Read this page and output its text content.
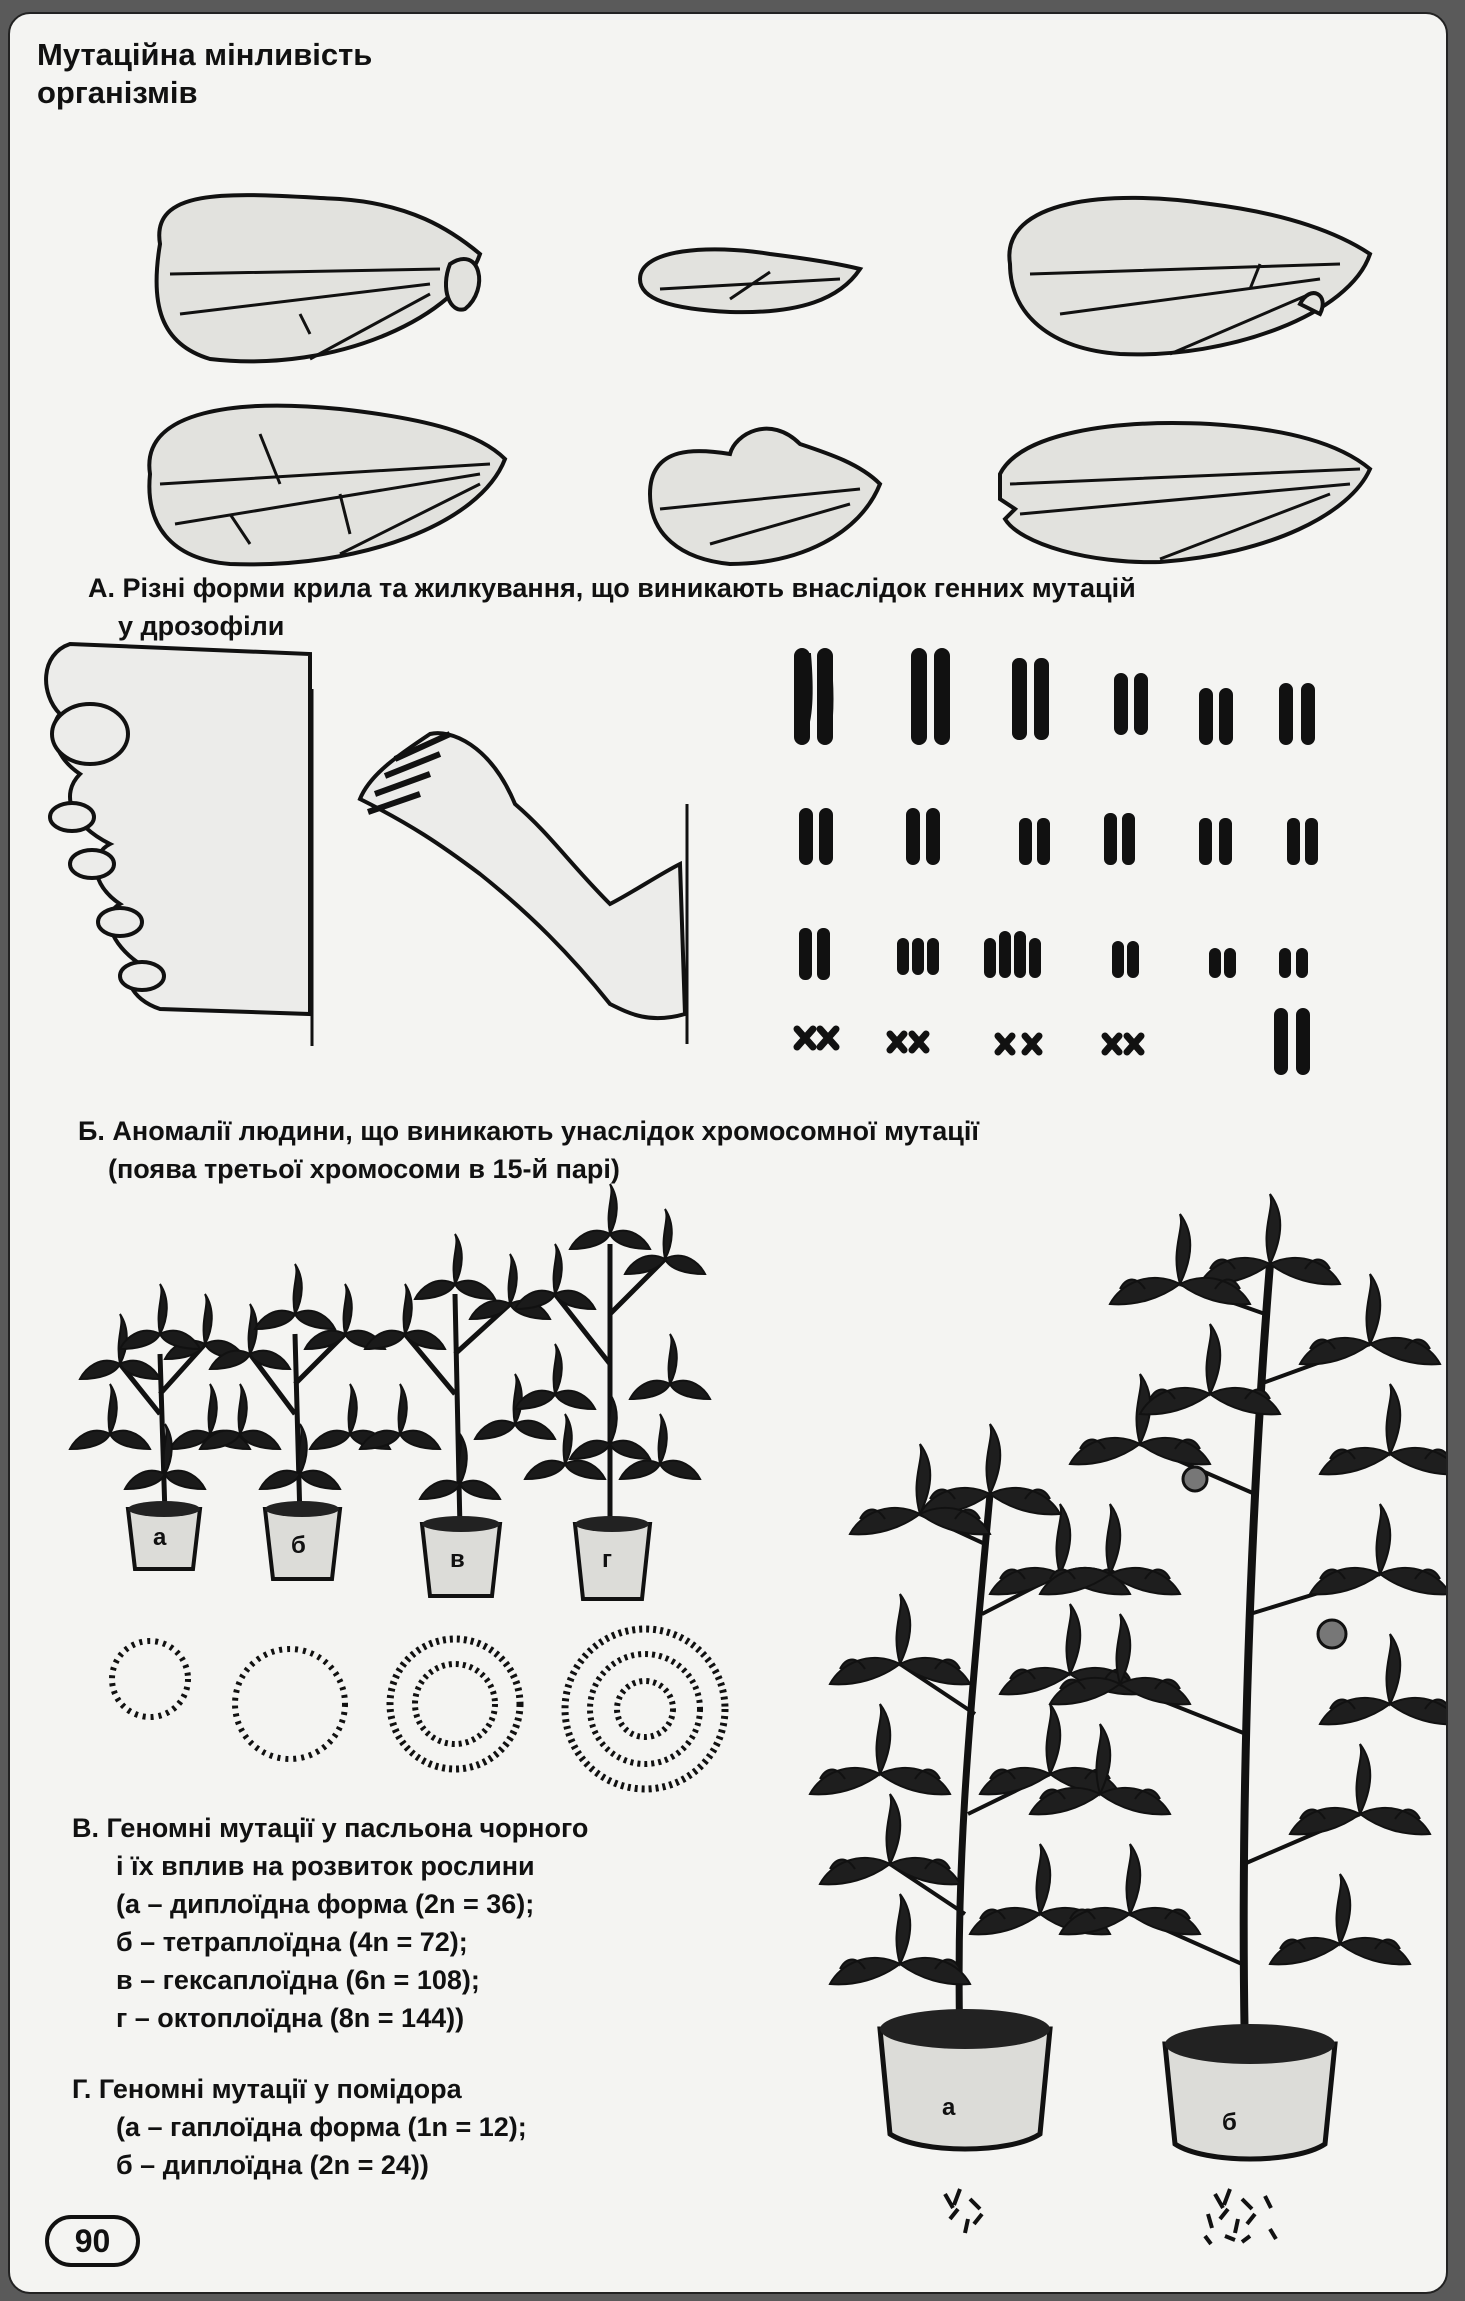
Мутаційна мінливість
організмів
А. Різні форми крила та жилкування, що виникають внаслідок генних мутацій
у дрозофіли
Б. Аномалії людини, що виникають унаслідок хромосомної мутації
(поява третьої хромосоми в 15-й парі)
а	б
в	г
В. Геномні мутації у пасльона чорного
і їх вплив на розвиток рослини
(а – диплоїдна форма (2n = 36);
б – тетраплоїдна (4n = 72);
в – гексаплоїдна (6n = 108);
г – октоплоїдна (8n = 144))
а
б
Г. Геномні мутації у помідора
(а – гаплоїдна форма (1n = 12);
б – диплоїдна (2n = 24))
90
